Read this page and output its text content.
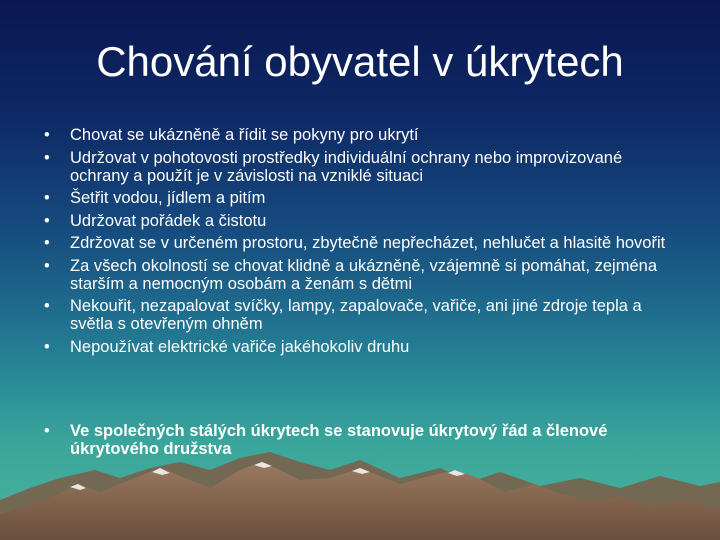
Chování obyvatel v úkrytech
• Chovat se ukázněně a řídit se pokyny pro ukrytí
• Udržovat v pohotovosti prostředky individuální ochrany nebo improvizované ochrany a použít je v závislosti na vzniklé situaci
• Šetřit vodou, jídlem a pitím
• Udržovat pořádek a čistotu
• Zdržovat se v určeném prostoru, zbytečně nepřecházet, nehlučet a hlasitě hovořit
• Za všech okolností se chovat klidně a ukázněně, vzájemně si pomáhat, zejména starším a nemocným osobám a ženám s dětmi
• Nekouřit, nezapalovat svíčky, lampy, zapalovače, vařiče, ani jiné zdroje tepla a světla s otevřeným ohněm
• Nepoužívat elektrické vařiče jakéhokoliv druhu
• Ve společných stálých úkrytech se stanovuje úkrytový řád a členové úkrytového družstva
